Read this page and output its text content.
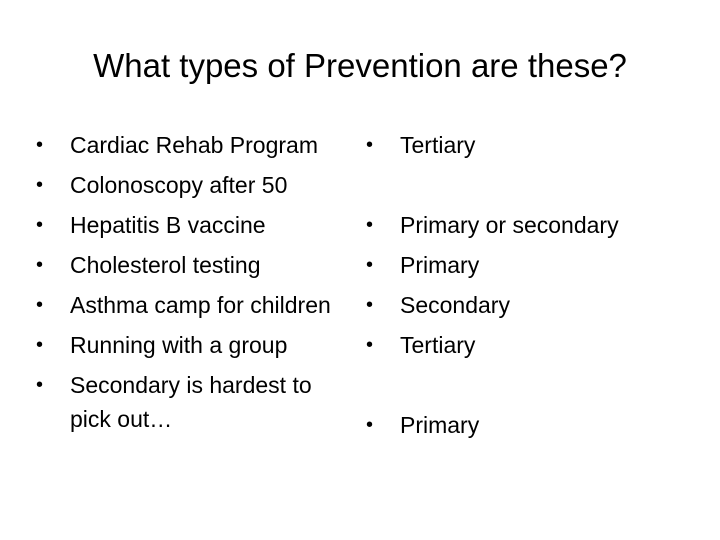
What types of Prevention are these?
• Cardiac Rehab Program
• Colonoscopy after 50
• Hepatitis B vaccine
• Cholesterol testing
• Asthma camp for children
• Running with a group
• Secondary is hardest to pick out…
• Tertiary
• Primary or secondary
• Primary
• Secondary
• Tertiary
• Primary
